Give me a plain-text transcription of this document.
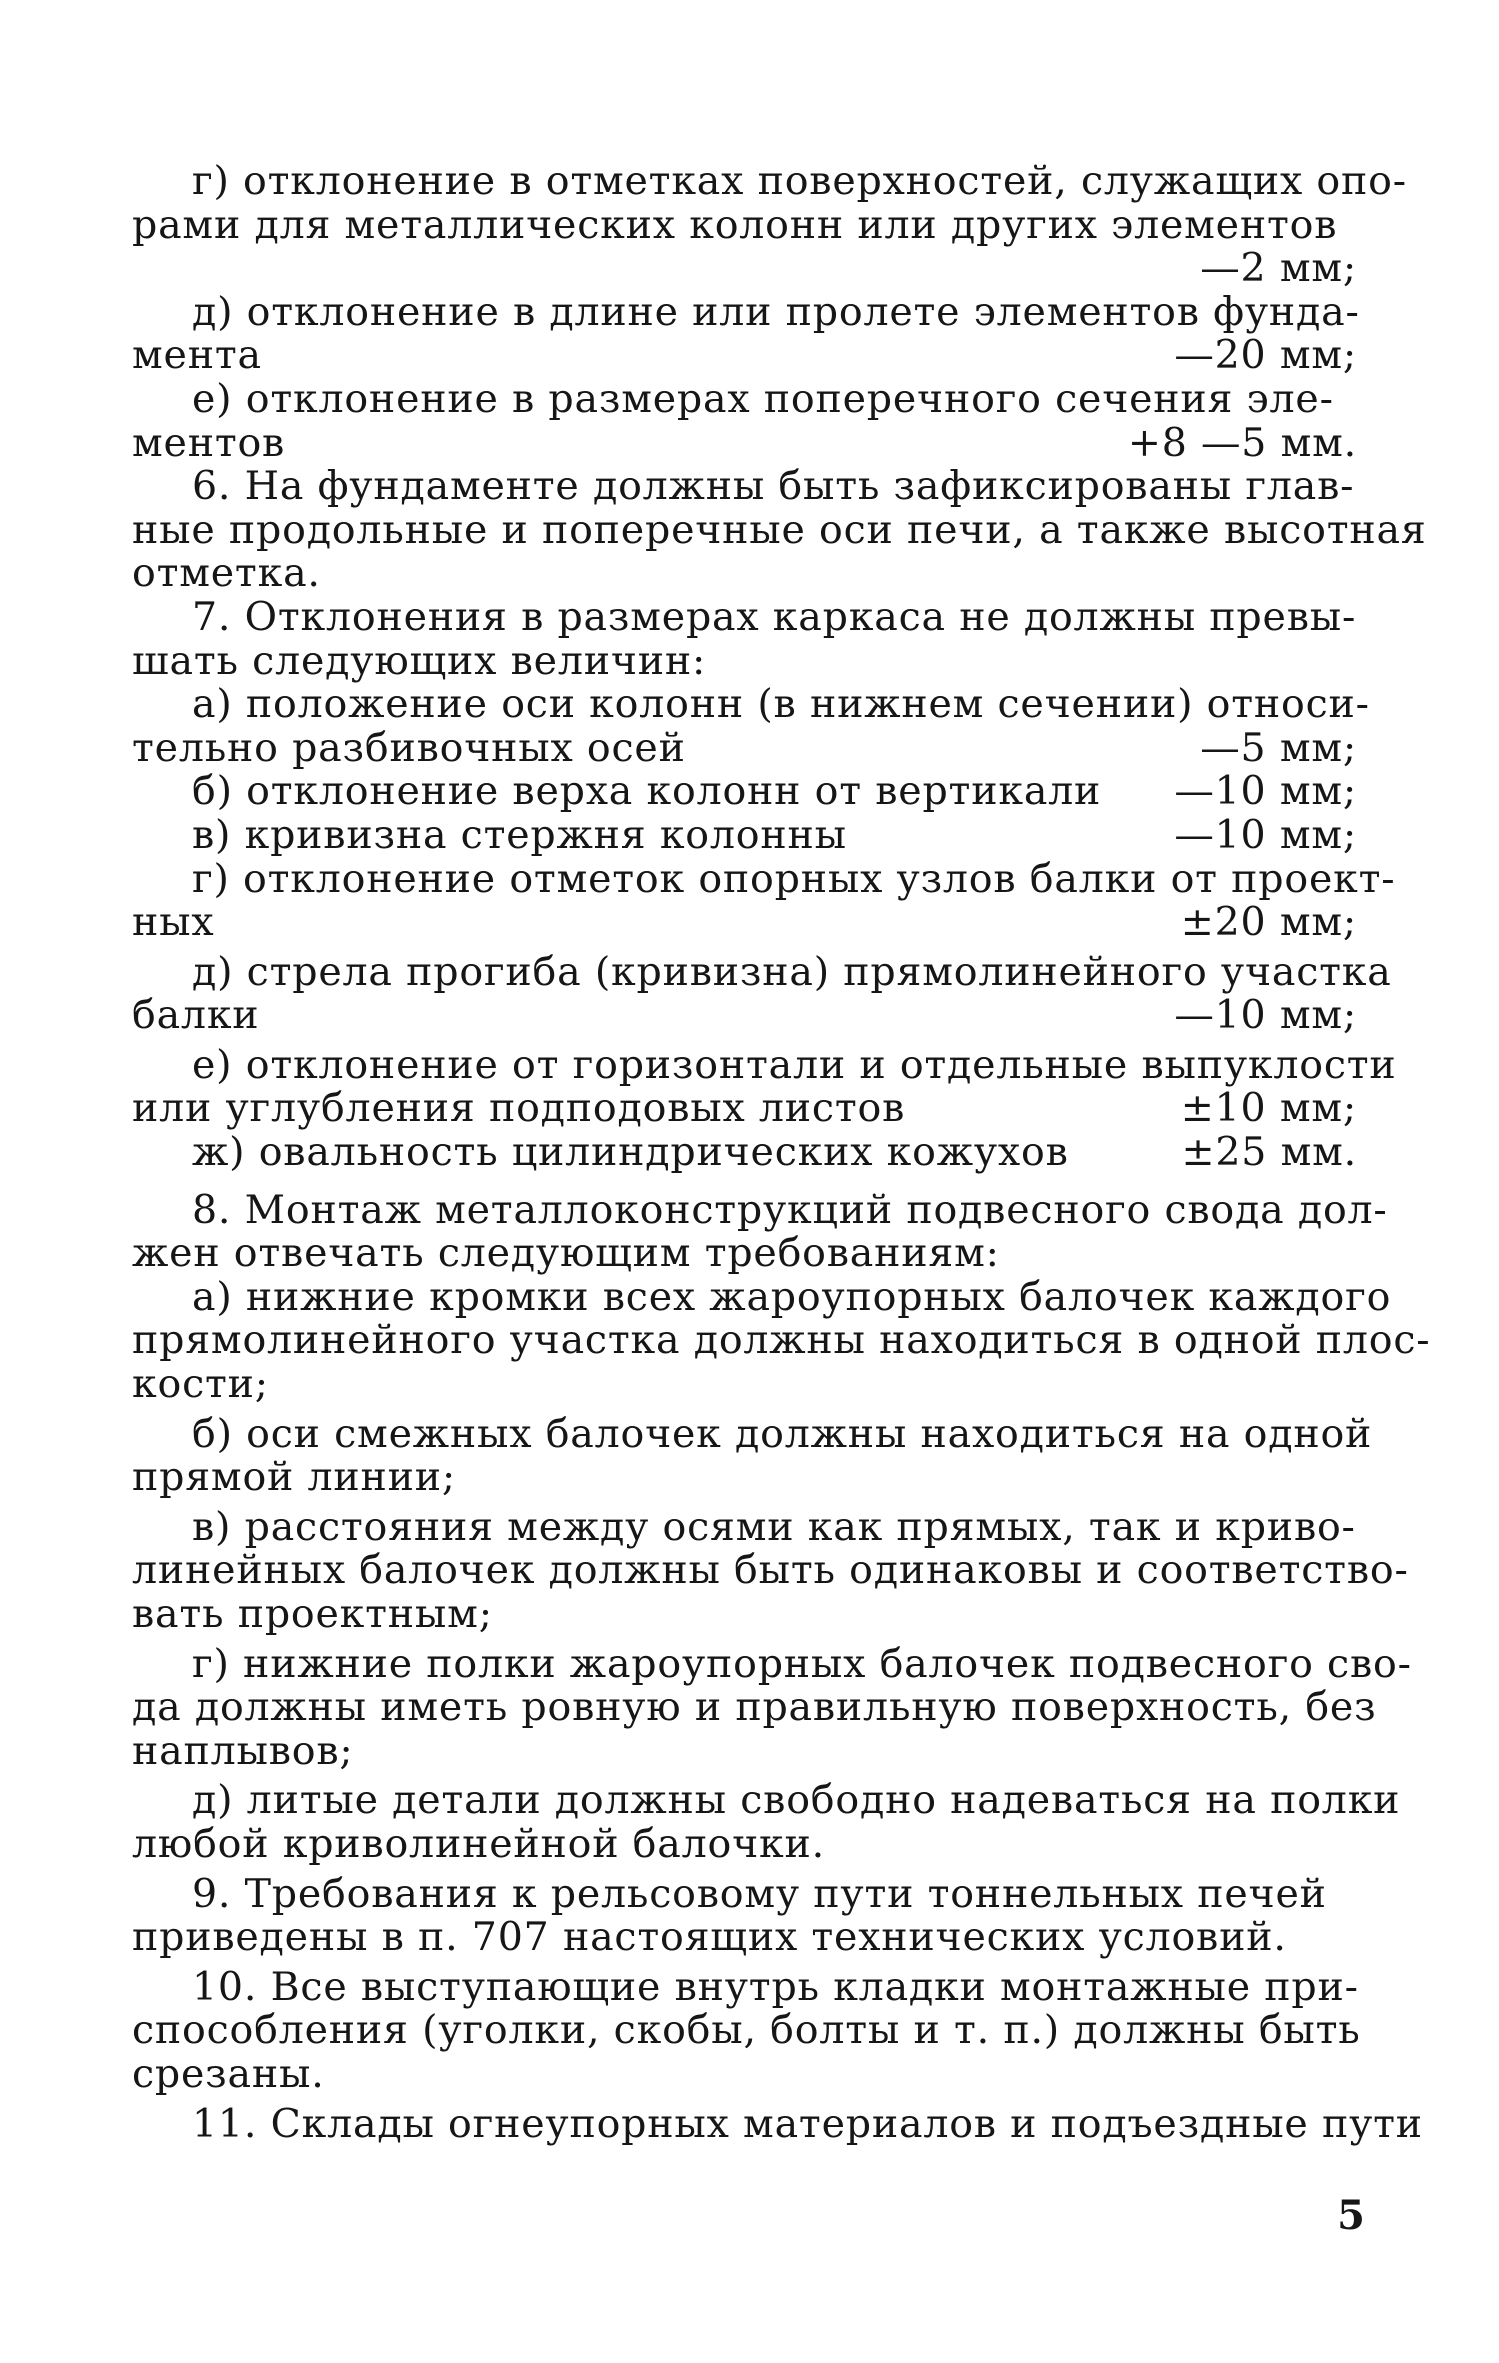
г) отклонение в отметках поверхностей, служащих опо-
рами для металлических колонн или других элементов
—2 мм;
д) отклонение в длине или пролете элементов фунда-
мента	—20 мм;
е) отклонение в размерах поперечного сечения эле-
ментов	+8 —5 мм.
6. На фундаменте должны быть зафиксированы глав-
ные продольные и поперечные оси печи, а также высотная
отметка.
7. Отклонения в размерах каркаса не должны превы-
шать следующих величин:
а) положение оси колонн (в нижнем сечении) относи-
тельно разбивочных осей	—5 мм;
б) отклонение верха колонн от вертикали —10 мм;
в) кривизна стержня колонны	—10 мм;
г) отклонение отметок опорных узлов балки от проект-
ных	±20 мм;
д) стрела прогиба (кривизна) прямолинейного участка
балки	—10 мм;
е) отклонение от горизонтали и отдельные выпуклости
или углубления подподовых листов	±10 мм;
ж) овальность цилиндрических кожухов	±25 мм.
8. Монтаж металлоконструкций подвесного свода дол-
жен отвечать следующим требованиям:
а) нижние кромки всех жароупорных балочек каждого
прямолинейного участка должны находиться в одной плос-
кости;
б) оси смежных балочек должны находиться на одной
прямой линии;
в) расстояния между осями как прямых, так и криво-
линейных балочек должны быть одинаковы и соответство-
вать проектным;
г) нижние полки жароупорных балочек подвесного сво-
да должны иметь ровную и правильную поверхность, без
наплывов;
д) литые детали должны свободно надеваться на полки
любой криволинейной балочки.
9. Требования к рельсовому пути тоннельных печей
приведены в п. 707 настоящих технических условий.
10. Все выступающие внутрь кладки монтажные при-
способления (уголки, скобы, болты и т. п.) должны быть
срезаны.
11. Склады огнеупорных материалов и подъездные пути
5
